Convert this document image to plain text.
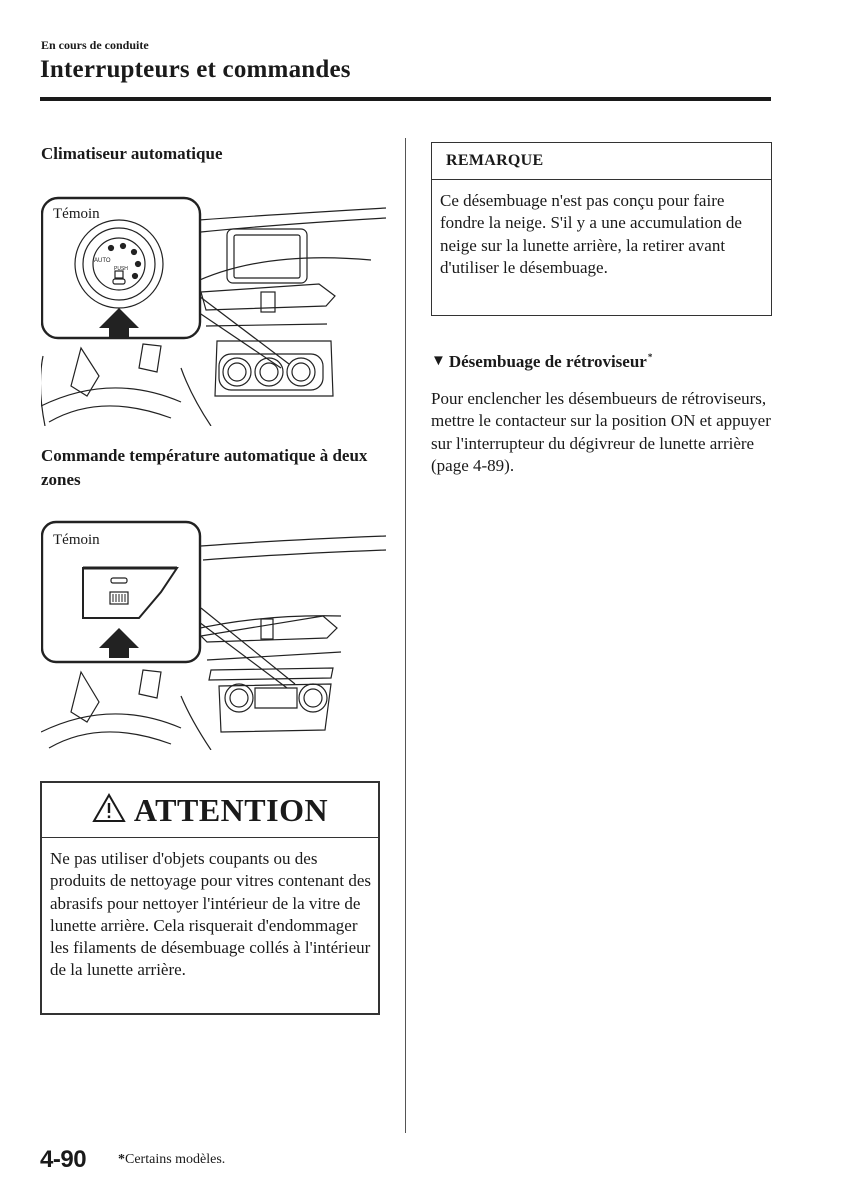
En cours de conduite
Interrupteurs et commandes
Climatiseur automatique
AUTO
PUSH
Témoin
Commande température automatique à deux zones
Témoin
ATTENTION
Ne pas utiliser d'objets coupants ou des produits de nettoyage pour vitres contenant des abrasifs pour nettoyer l'intérieur de la vitre de lunette arrière. Cela risquerait d'endommager les filaments de désembuage collés à l'intérieur de la lunette arrière.
REMARQUE
Ce désembuage n'est pas conçu pour faire fondre la neige. S'il y a une accumulation de neige sur la lunette arrière, la retirer avant d'utiliser le désembuage.
▼ Désembuage de rétroviseur*
Pour enclencher les désembueurs de rétroviseurs, mettre le contacteur sur la position ON et appuyer sur l'interrupteur du dégivreur de lunette arrière (page 4-89).
4-90 *Certains modèles.
